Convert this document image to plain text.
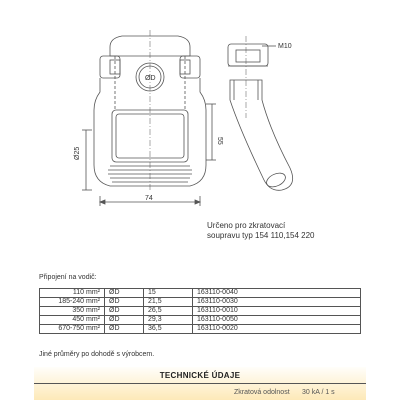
ØD
Ø25
55
74
M10
Určeno pro zkratovací
soupravu typ 154 110,154 220
Připojení na vodič:
110 mm²	ØD	15	163110-0040
185-240 mm²	ØD	21,5	163110-0030
350 mm²	ØD	26,5	163110-0010
450 mm²	ØD	29,3	163110-0050
670-750 mm²	ØD	36,5	163110-0020
Jiné průměry po dohodě s výrobcem.
TECHNICKÉ ÚDAJE
Zkratová odolnost 30 kA / 1 s
